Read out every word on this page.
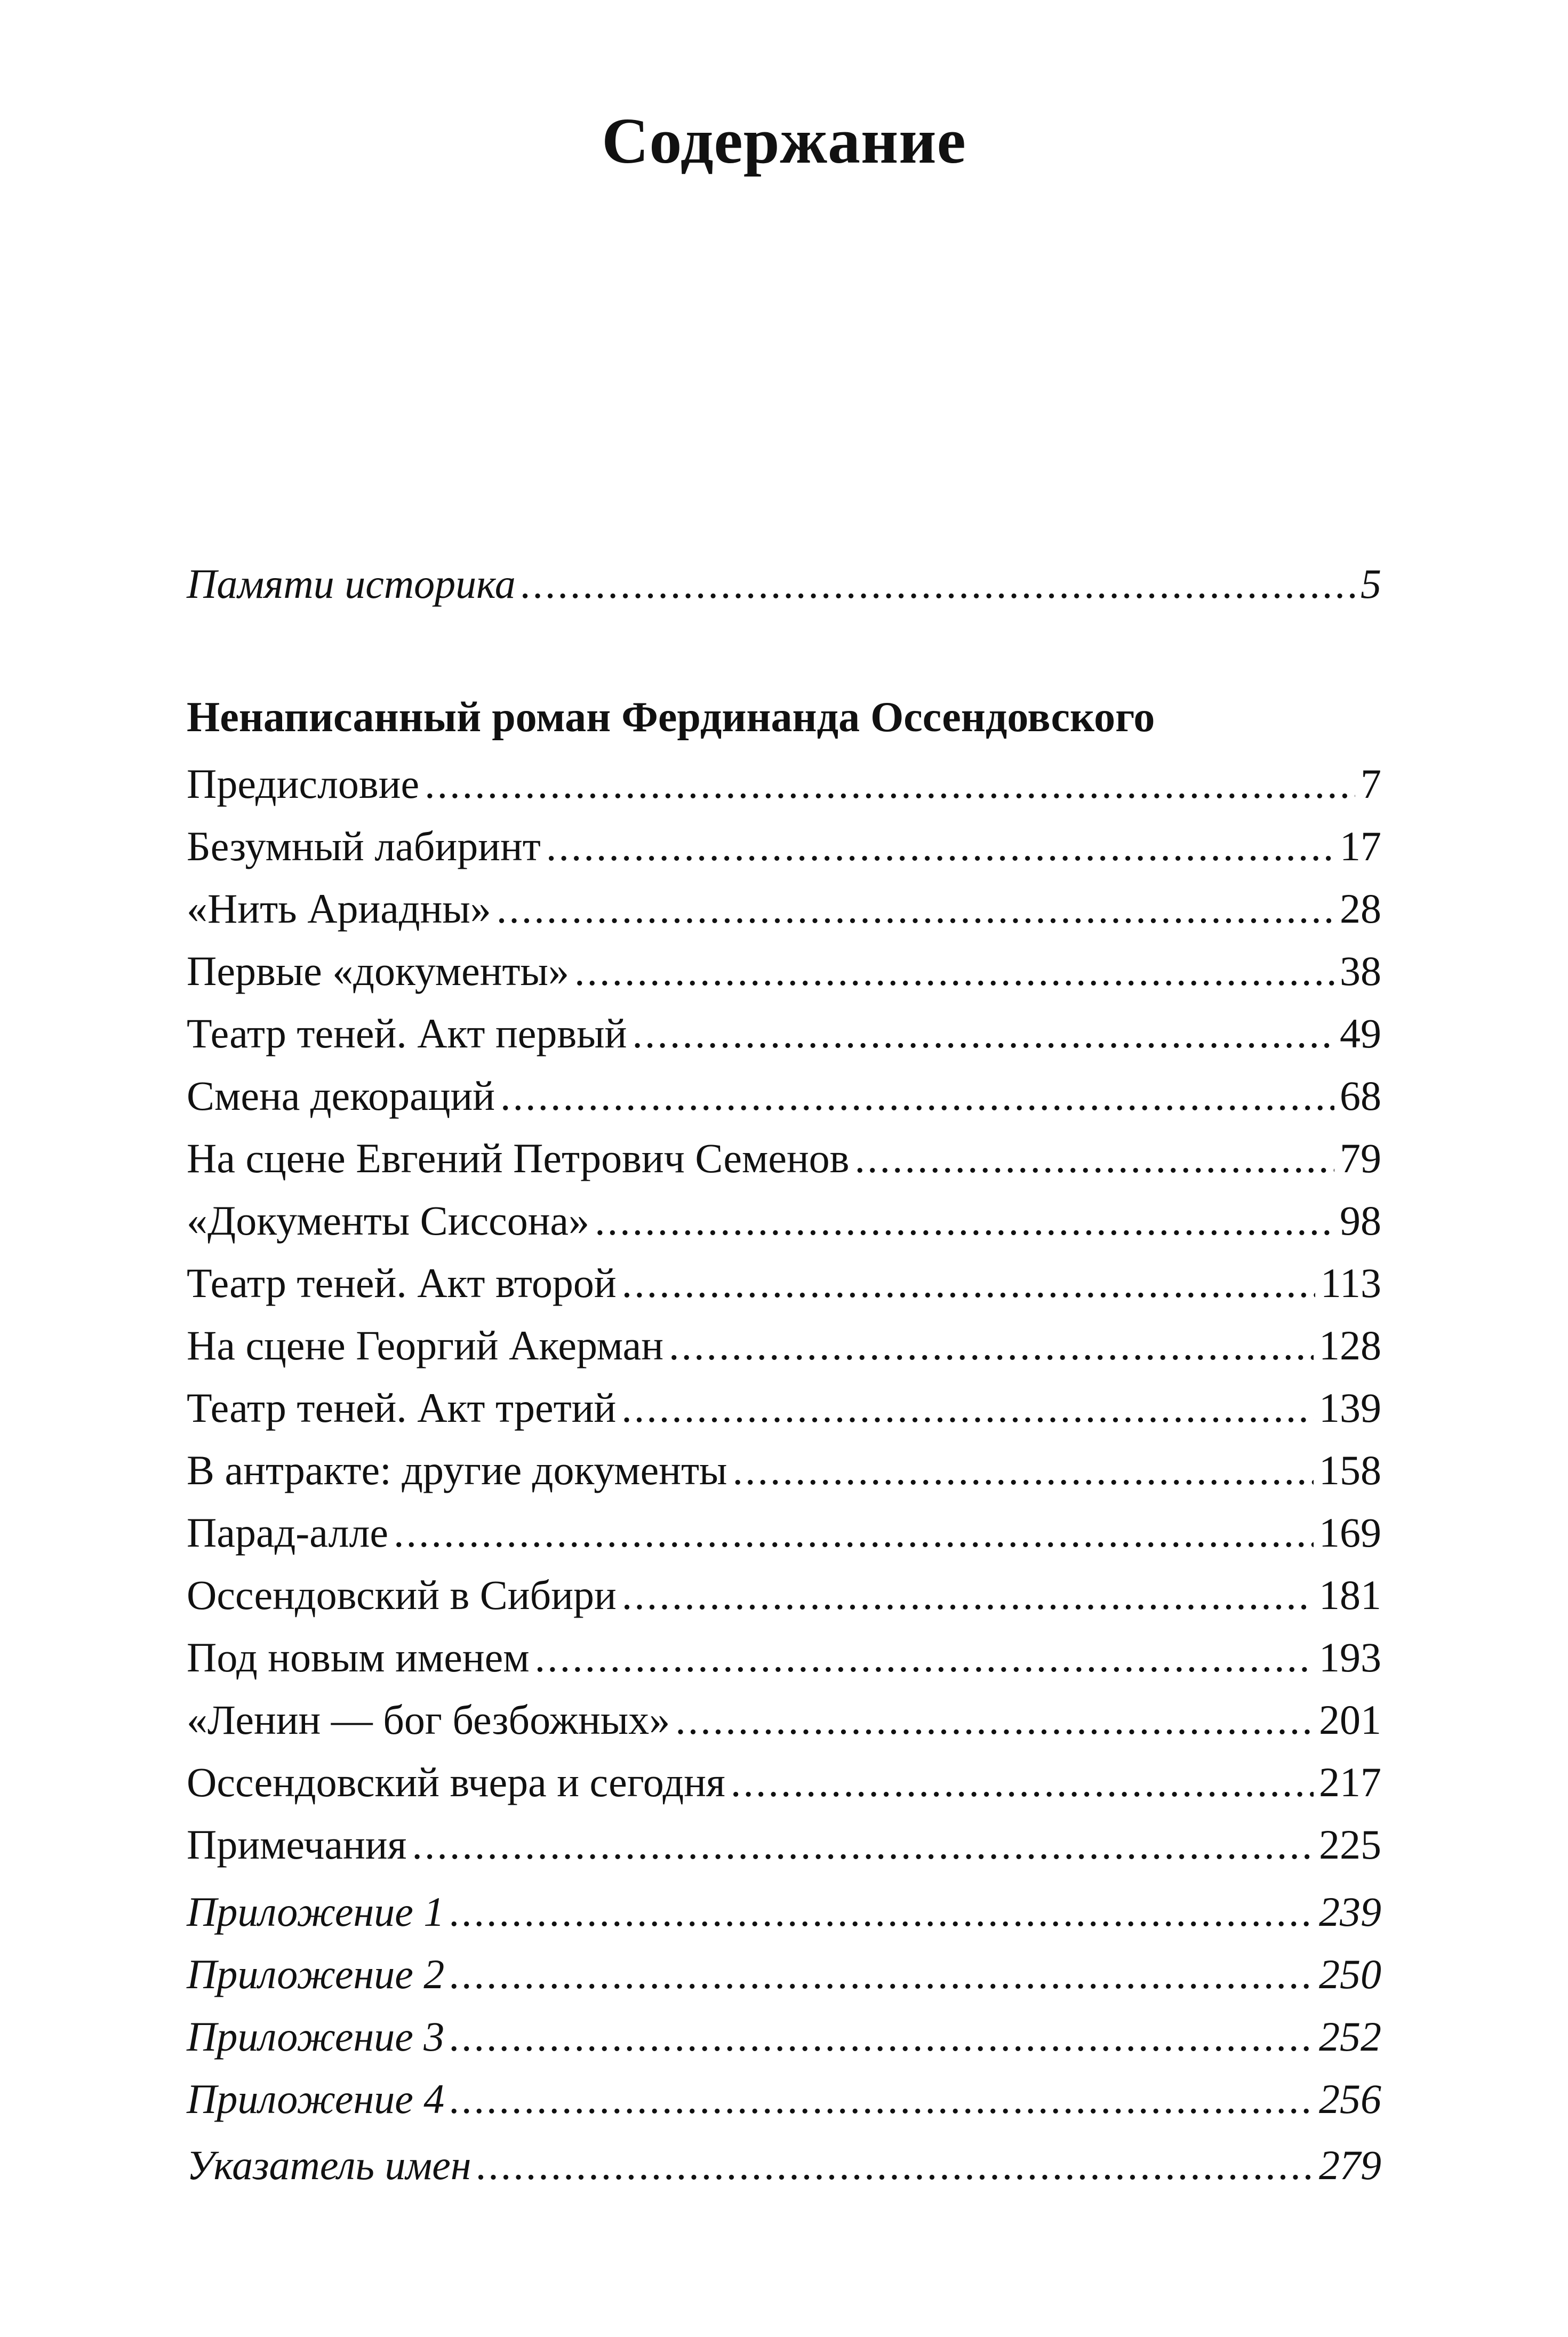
Содержание
Памяти историка .....	5
Ненаписанный роман Фердинанда Оссендовского
Предисловие .....	7
Безумный лабиринт .....	17
«Нить Ариадны» .....	28
Первые «документы» .....	38
Театр теней. Акт первый .....	49
Смена декораций .....	68
На сцене Евгений Петрович Семенов .....	79
«Документы Сиссона» .....	98
Театр теней. Акт второй .....	113
На сцене Георгий Акерман .....	128
Театр теней. Акт третий .....	139
В антракте: другие документы .....	158
Парад-алле .....	169
Оссендовский в Сибири .....	181
Под новым именем .....	193
«Ленин — бог безбожных» .....	201
Оссендовский вчера и сегодня .....	217
Примечания .....	225
Приложение 1 .....	239
Приложение 2 .....	250
Приложение 3 .....	252
Приложение 4 .....	256
Указатель имен .....	279
